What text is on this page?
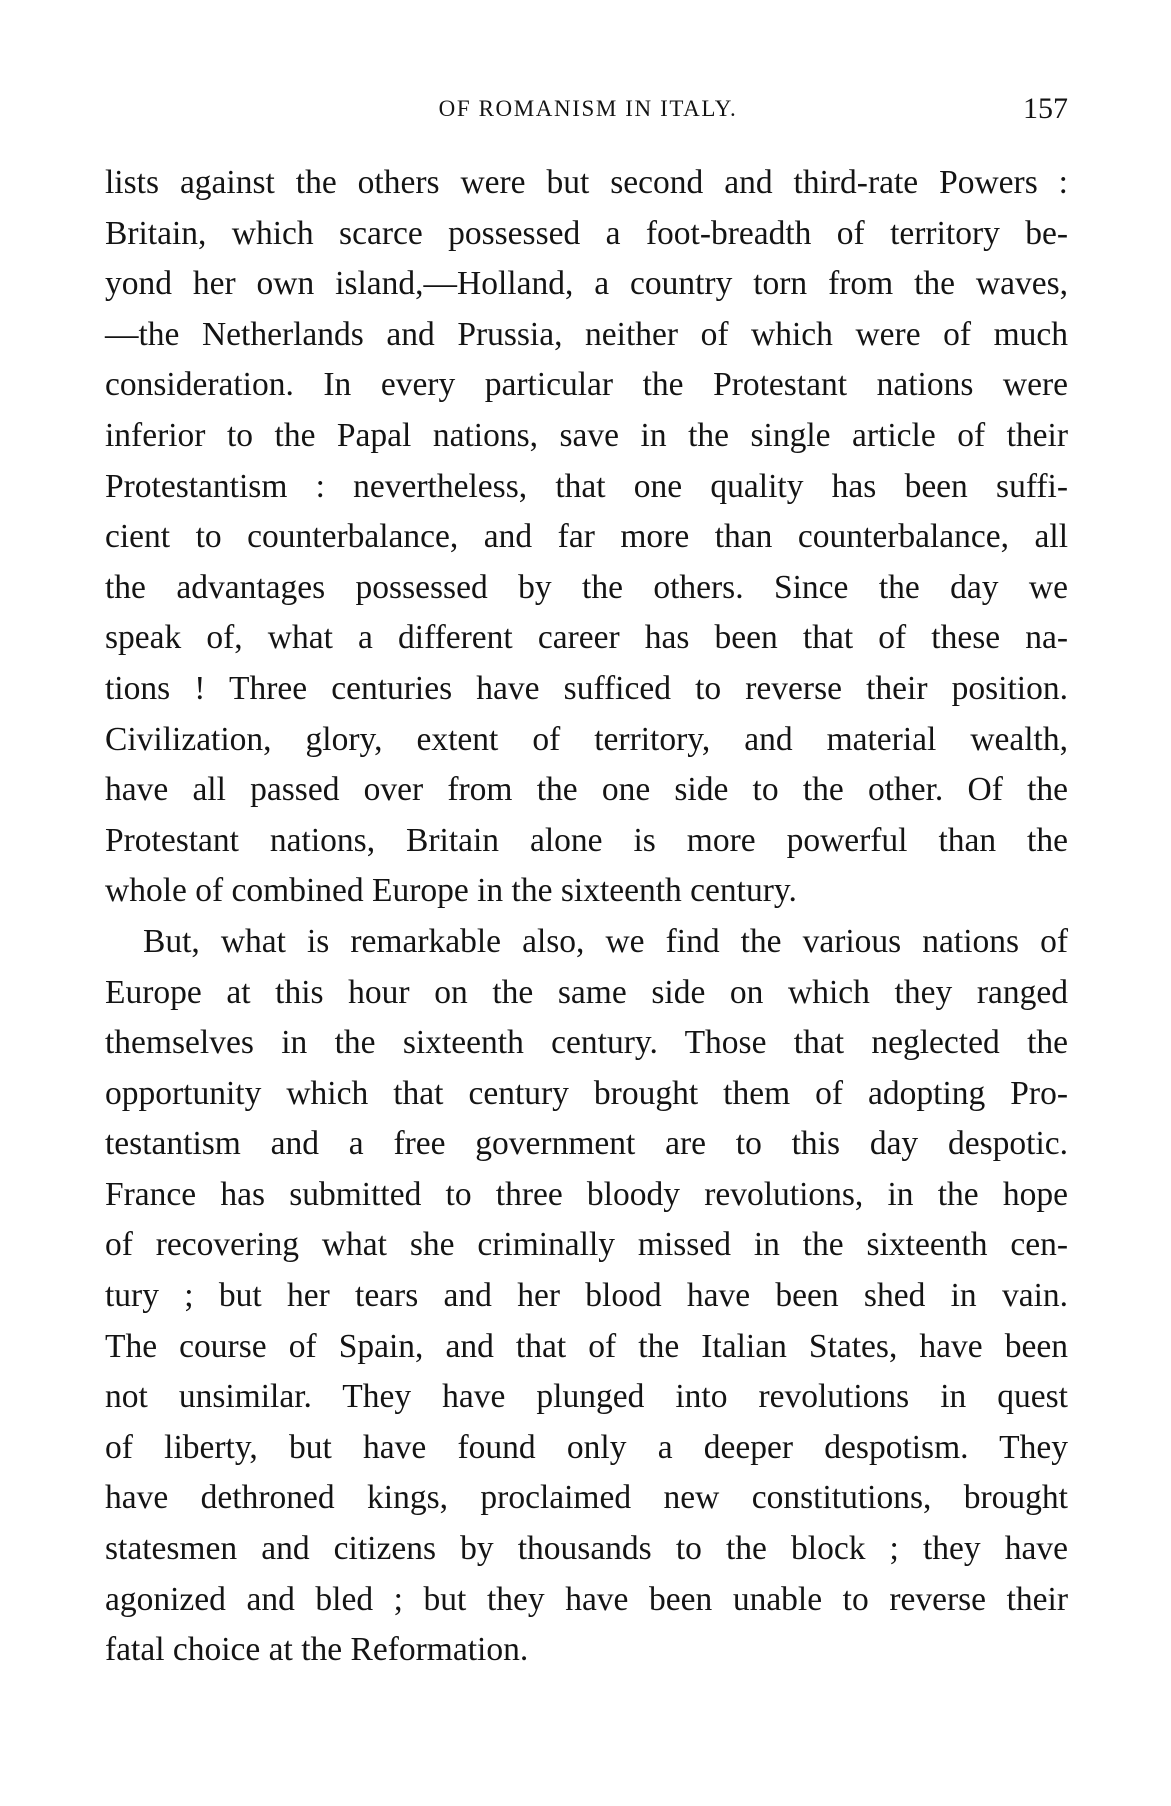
OF ROMANISM IN ITALY.	157
lists against the others were but second and third-rate Powers :
Britain, which scarce possessed a foot-breadth of territory be-
yond her own island,—Holland, a country torn from the waves,
—the Netherlands and Prussia, neither of which were of much
consideration. In every particular the Protestant nations were
inferior to the Papal nations, save in the single article of their
Protestantism : nevertheless, that one quality has been suffi-
cient to counterbalance, and far more than counterbalance, all
the advantages possessed by the others. Since the day we
speak of, what a different career has been that of these na-
tions ! Three centuries have sufficed to reverse their position.
Civilization, glory, extent of territory, and material wealth,
have all passed over from the one side to the other. Of the
Protestant nations, Britain alone is more powerful than the
whole of combined Europe in the sixteenth century.
But, what is remarkable also, we find the various nations of
Europe at this hour on the same side on which they ranged
themselves in the sixteenth century. Those that neglected the
opportunity which that century brought them of adopting Pro-
testantism and a free government are to this day despotic.
France has submitted to three bloody revolutions, in the hope
of recovering what she criminally missed in the sixteenth cen-
tury ; but her tears and her blood have been shed in vain.
The course of Spain, and that of the Italian States, have been
not unsimilar. They have plunged into revolutions in quest
of liberty, but have found only a deeper despotism. They
have dethroned kings, proclaimed new constitutions, brought
statesmen and citizens by thousands to the block ; they have
agonized and bled ; but they have been unable to reverse their
fatal choice at the Reformation.
